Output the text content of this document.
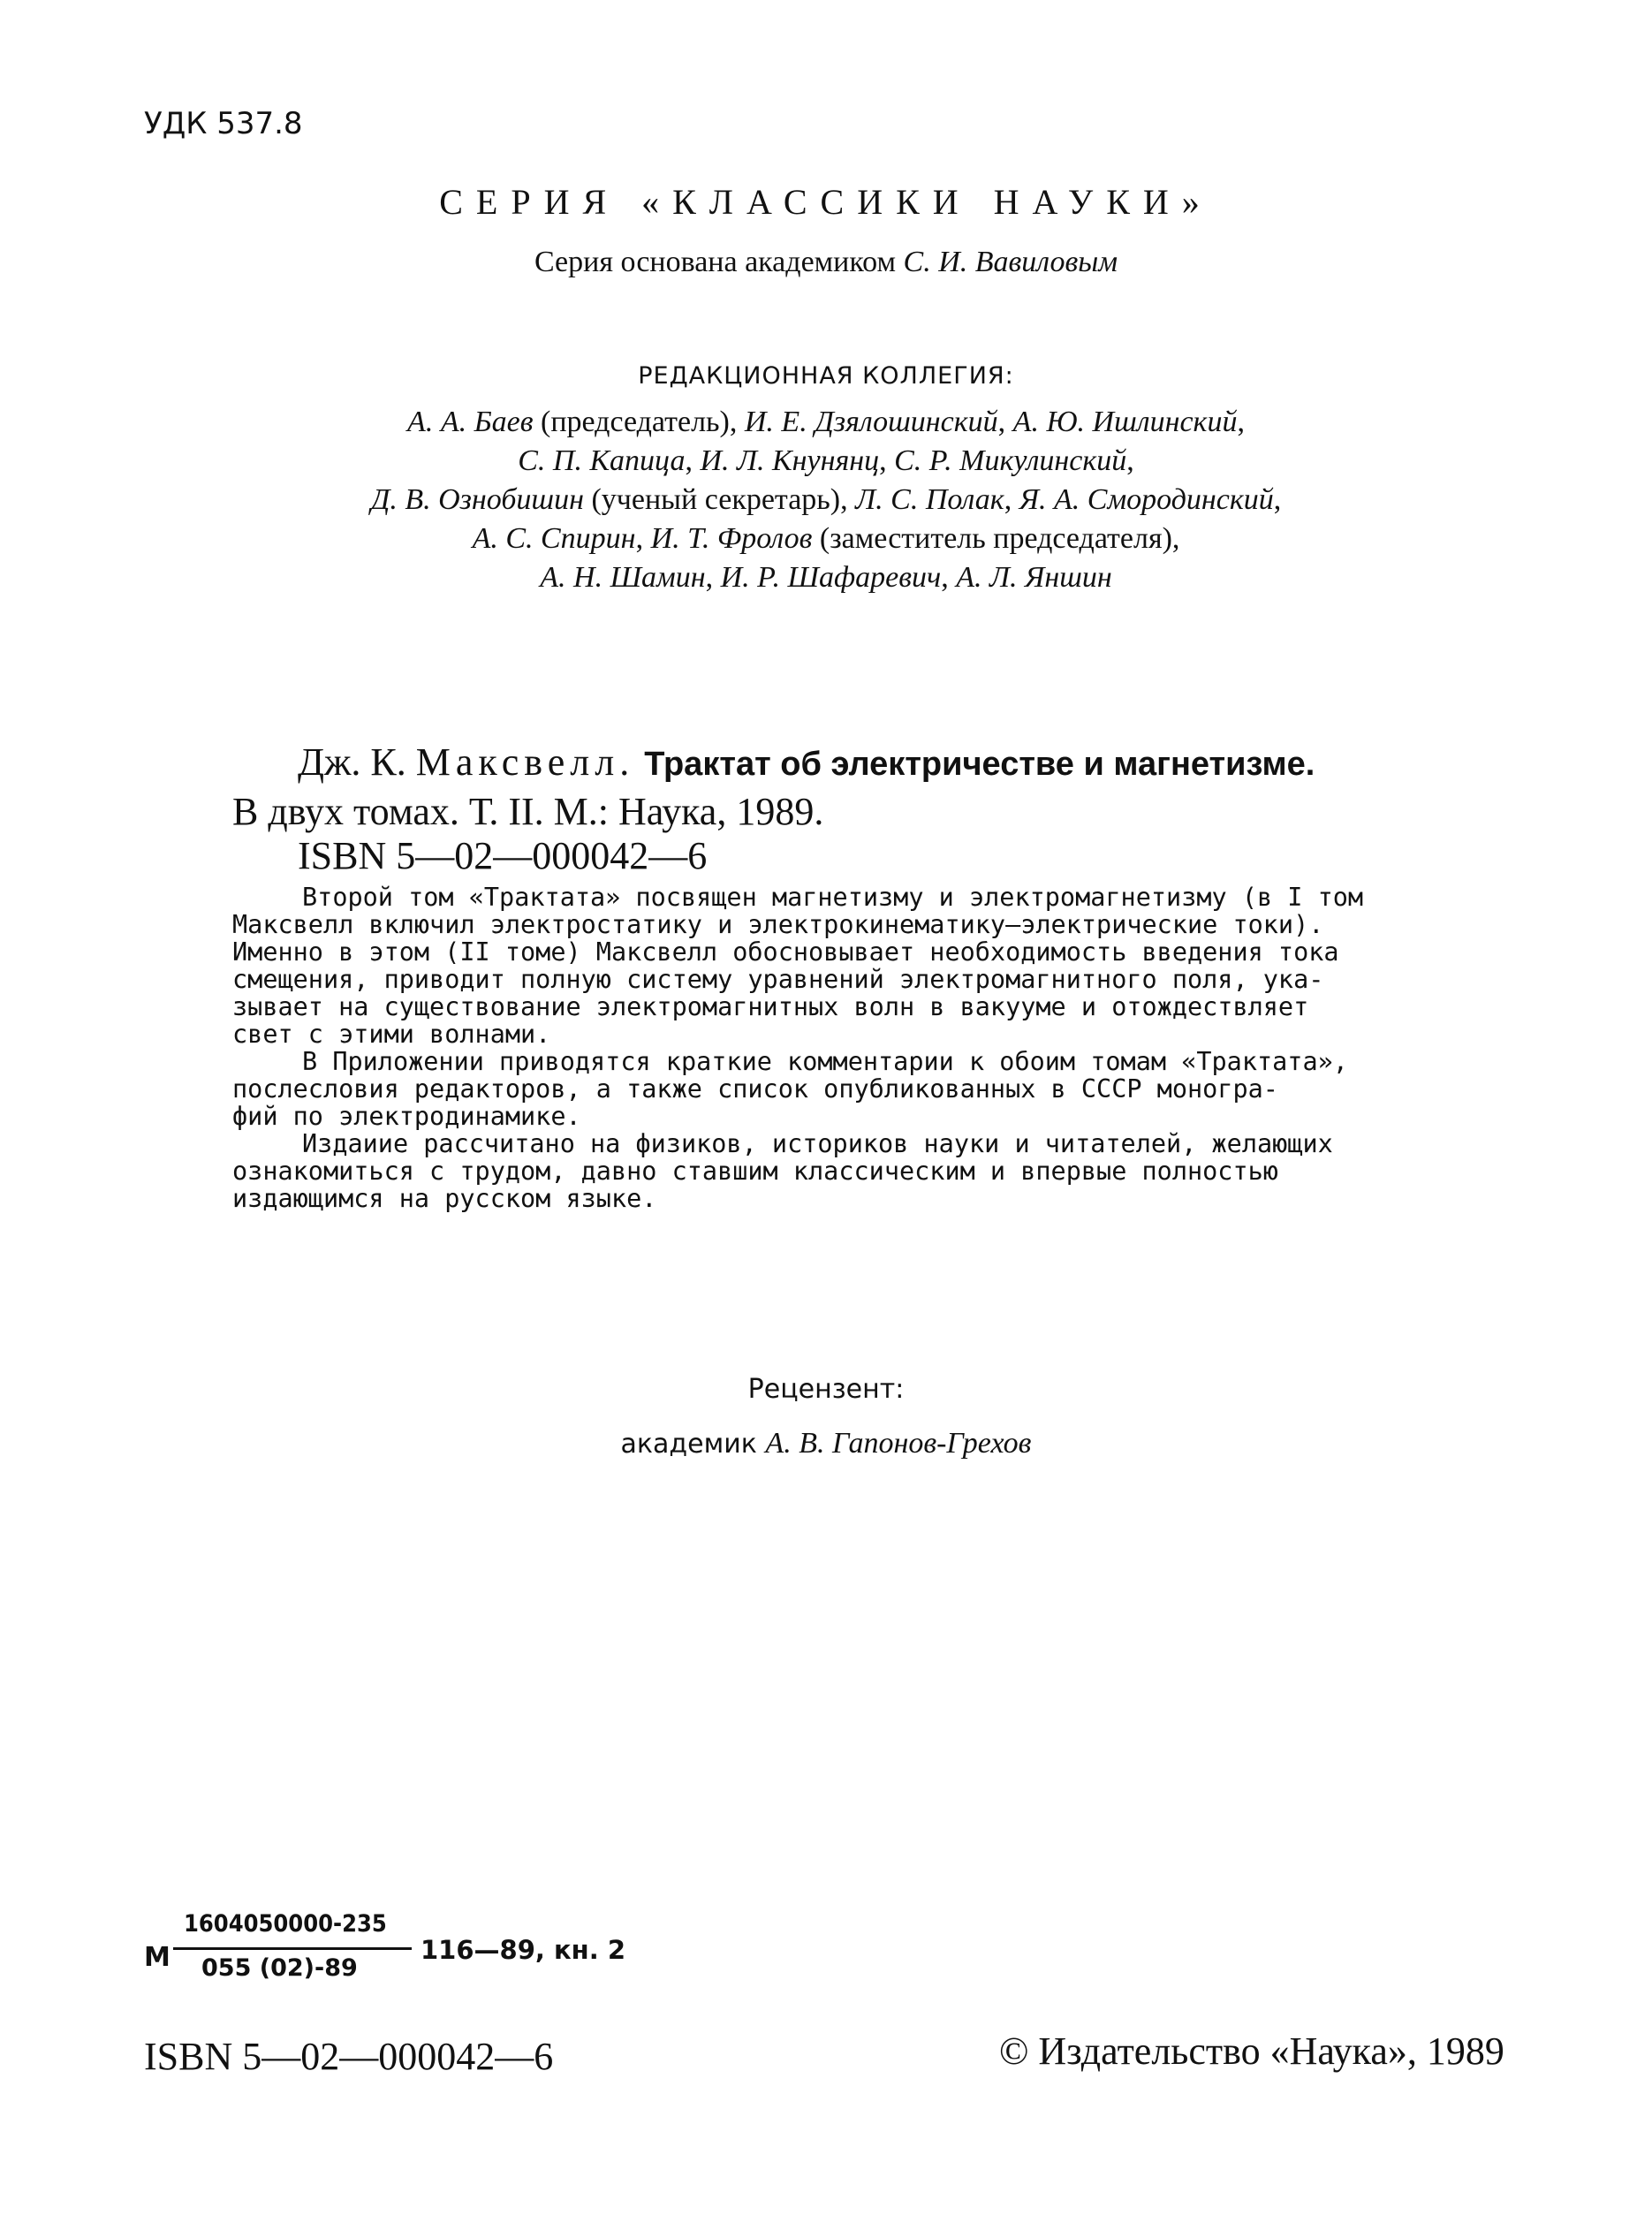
УДК 537.8
СЕРИЯ «КЛАССИКИ НАУКИ»
Серия основана академиком С. И. Вавиловым
РЕДАКЦИОННАЯ КОЛЛЕГИЯ:
А. А. Баев (председатель), И. Е. Дзялошинский, А. Ю. Ишлинский,
С. П. Капица, И. Л. Кнунянц, С. Р. Микулинский,
Д. В. Ознобишин (ученый секретарь), Л. С. Полак, Я. А. Смородинский,
А. С. Спирин, И. Т. Фролов (заместитель председателя),
А. Н. Шамин, И. Р. Шафаревич, А. Л. Яншин
Дж. К. Максвелл. Трактат об электричестве и магнетизме.
В двух томах. Т. II. М.: Наука, 1989.
ISBN 5—02—000042—6
Второй том «Трактата» посвящен магнетизму и электромагнетизму (в I том
Максвелл включил электростатику и электрокинематику—электрические токи).
Именно в этом (II томе) Максвелл обосновывает необходимость введения тока
смещения, приводит полную систему уравнений электромагнитного поля, ука-
зывает на существование электромагнитных волн в вакууме и отождествляет
свет с этими волнами.
В Приложении приводятся краткие комментарии к обоим томам «Трактата»,
послесловия редакторов, а также список опубликованных в СССР моногра-
фий по электродинамике.
Издаиие рассчитано на физиков, историков науки и читателей, желающих
ознакомиться с трудом, давно ставшим классическим и впервые полностью
издающимся на русском языке.
Рецензент:
академик А. В. Гапонов-Грехов
М
1604050000-235
055 (02)-89
116—89, кн. 2
ISBN 5—02—000042—6	© Издательство «Наука», 1989
